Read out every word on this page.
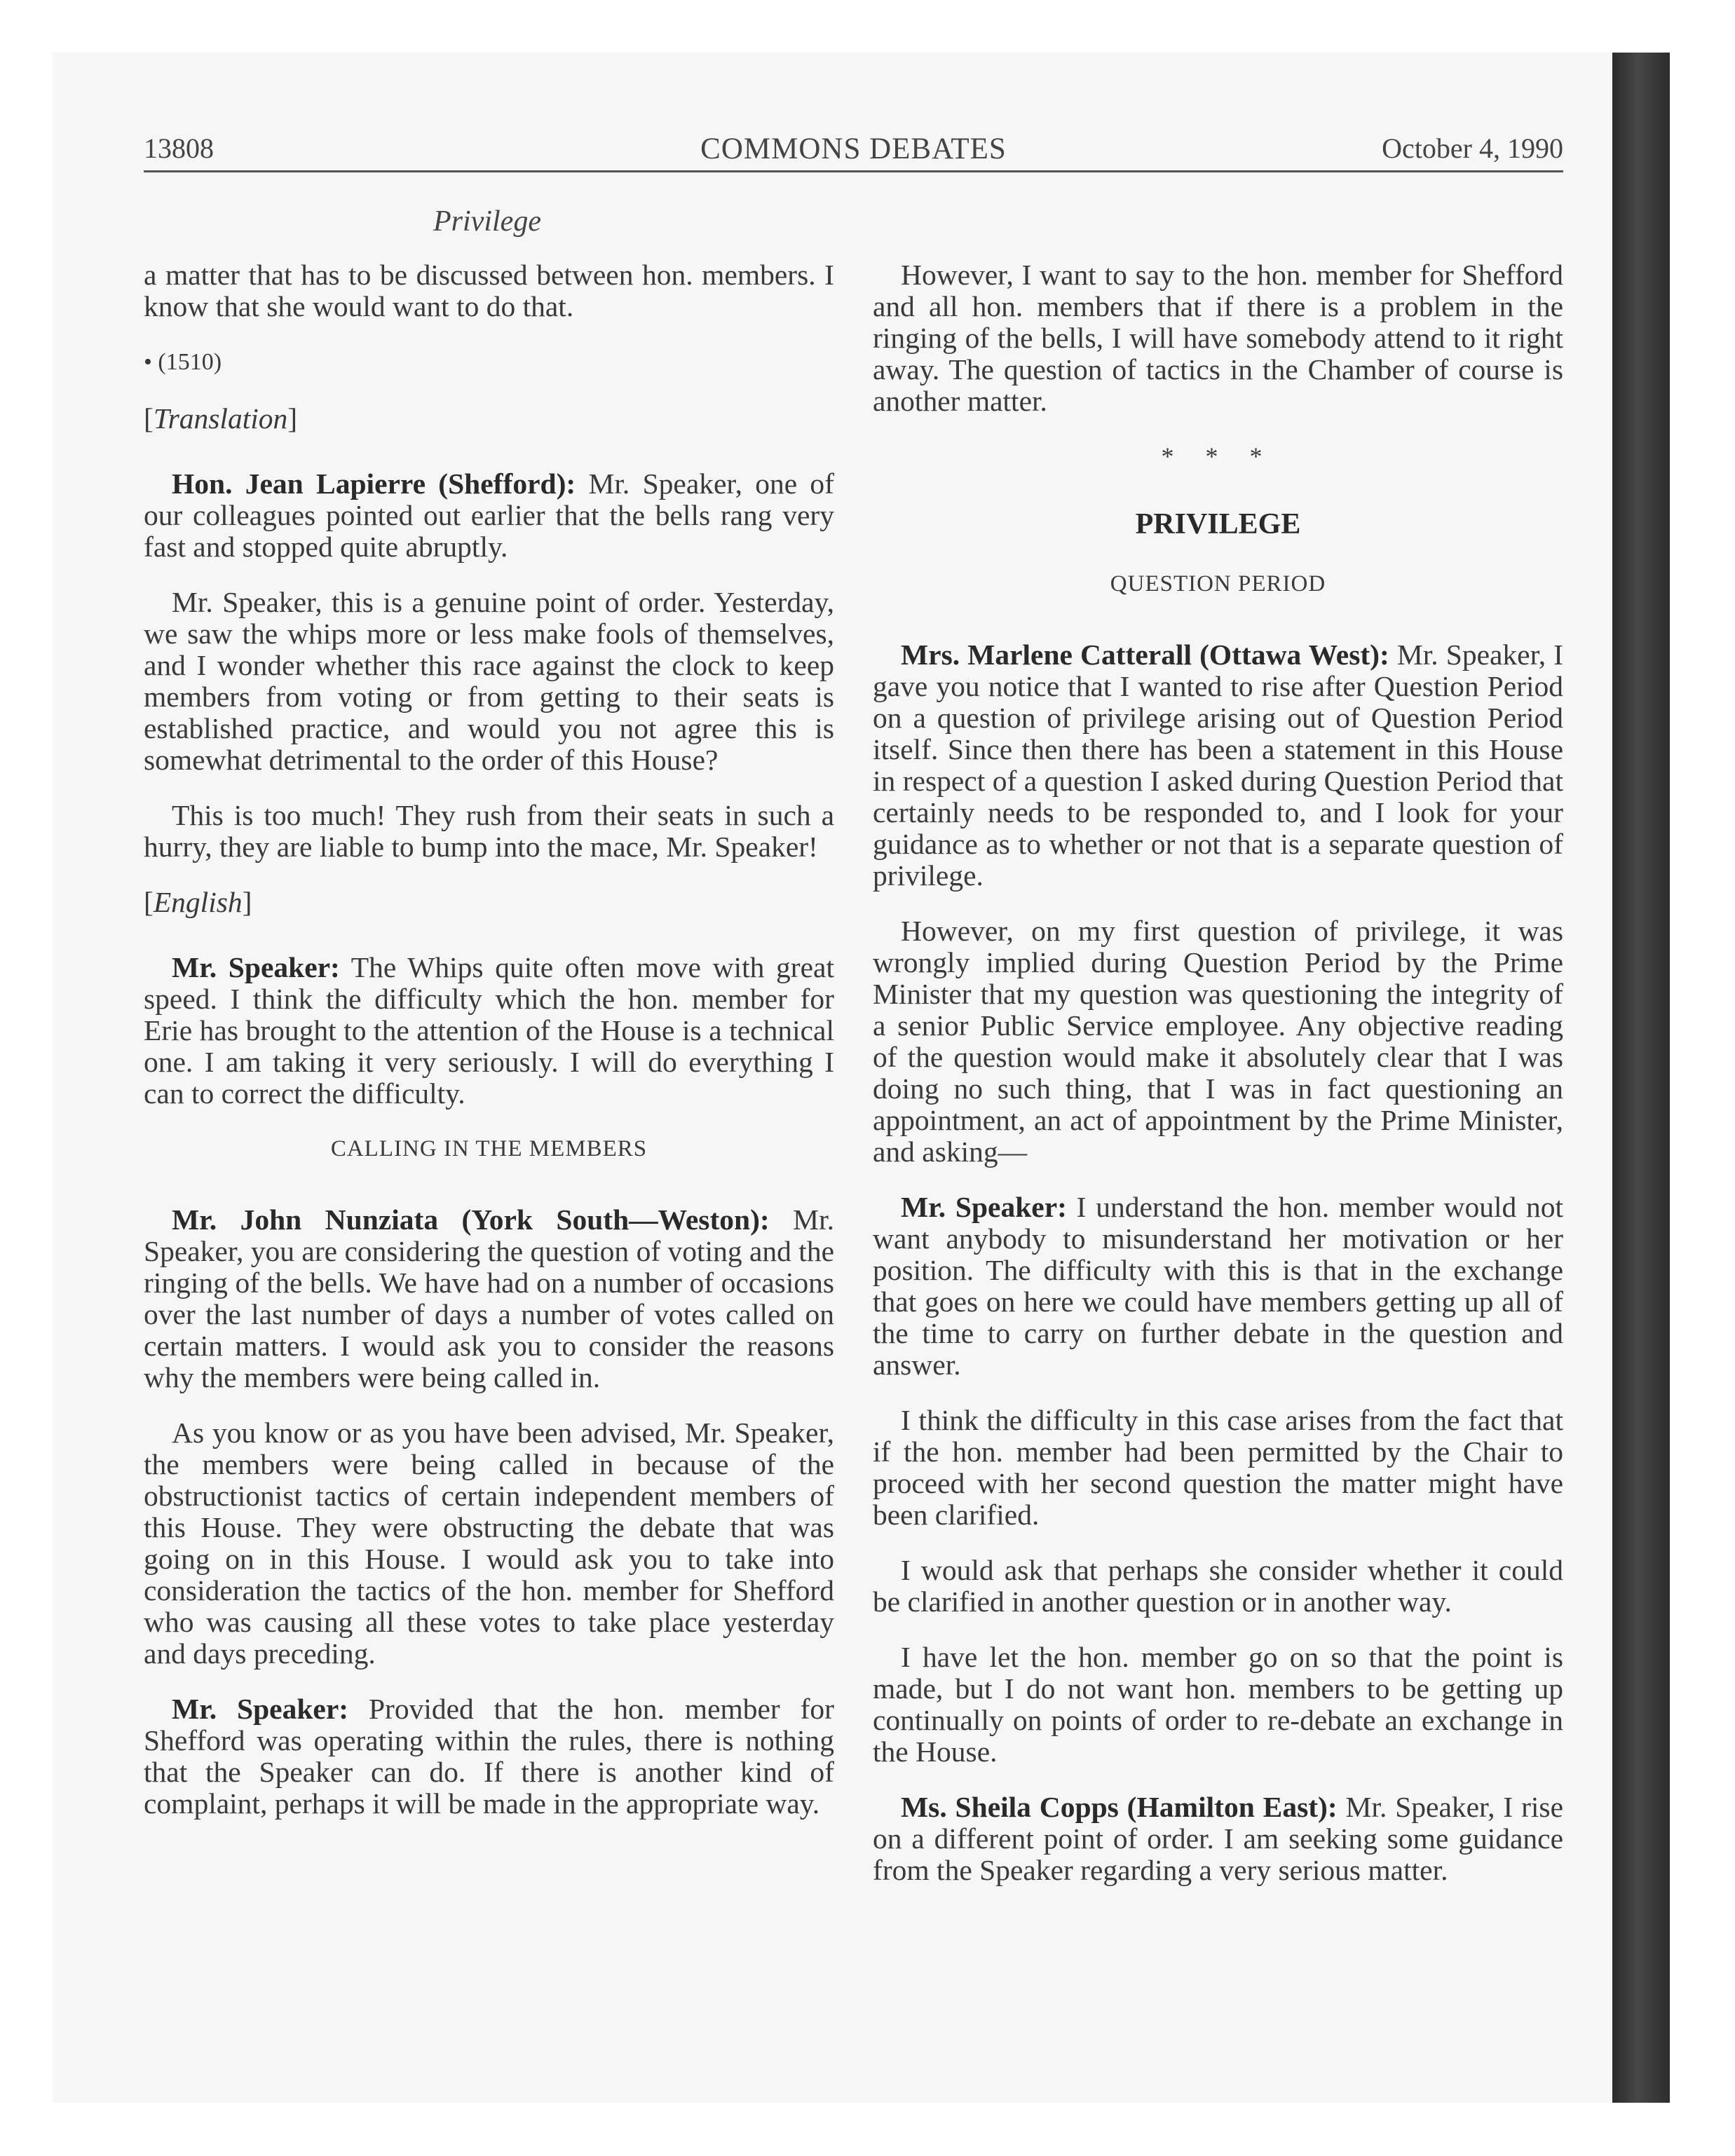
13808	COMMONS DEBATES	October 4, 1990
Privilege

a matter that has to be discussed between hon. members. I know that she would want to do that.

• (1510)
[Translation]

Hon. Jean Lapierre (Shefford): Mr. Speaker, one of our colleagues pointed out earlier that the bells rang very fast and stopped quite abruptly.

Mr. Speaker, this is a genuine point of order. Yesterday, we saw the whips more or less make fools of themselves, and I wonder whether this race against the clock to keep members from voting or from getting to their seats is established practice, and would you not agree this is somewhat detrimental to the order of this House?

This is too much! They rush from their seats in such a hurry, they are liable to bump into the mace, Mr. Speaker!

[English]

Mr. Speaker: The Whips quite often move with great speed. I think the difficulty which the hon. member for Erie has brought to the attention of the House is a technical one. I am taking it very seriously. I will do everything I can to correct the difficulty.

CALLING IN THE MEMBERS

Mr. John Nunziata (York South—Weston): Mr. Speaker, you are considering the question of voting and the ringing of the bells. We have had on a number of occasions over the last number of days a number of votes called on certain matters. I would ask you to consider the reasons why the members were being called in.

As you know or as you have been advised, Mr. Speaker, the members were being called in because of the obstructionist tactics of certain independent members of this House. They were obstructing the debate that was going on in this House. I would ask you to take into consideration the tactics of the hon. member for Shefford who was causing all these votes to take place yesterday and days preceding.

Mr. Speaker: Provided that the hon. member for Shefford was operating within the rules, there is nothing that the Speaker can do. If there is another kind of complaint, perhaps it will be made in the appropriate way.

However, I want to say to the hon. member for Shefford and all hon. members that if there is a problem in the ringing of the bells, I will have somebody attend to it right away. The question of tactics in the Chamber of course is another matter.

* * *
PRIVILEGE
QUESTION PERIOD

Mrs. Marlene Catterall (Ottawa West): Mr. Speaker, I gave you notice that I wanted to rise after Question Period on a question of privilege arising out of Question Period itself. Since then there has been a statement in this House in respect of a question I asked during Question Period that certainly needs to be responded to, and I look for your guidance as to whether or not that is a separate question of privilege.

However, on my first question of privilege, it was wrongly implied during Question Period by the Prime Minister that my question was questioning the integrity of a senior Public Service employee. Any objective reading of the question would make it absolutely clear that I was doing no such thing, that I was in fact questioning an appointment, an act of appointment by the Prime Minister, and asking—

Mr. Speaker: I understand the hon. member would not want anybody to misunderstand her motivation or her position. The difficulty with this is that in the exchange that goes on here we could have members getting up all of the time to carry on further debate in the question and answer.

I think the difficulty in this case arises from the fact that if the hon. member had been permitted by the Chair to proceed with her second question the matter might have been clarified.

I would ask that perhaps she consider whether it could be clarified in another question or in another way.

I have let the hon. member go on so that the point is made, but I do not want hon. members to be getting up continually on points of order to re-debate an exchange in the House.

Ms. Sheila Copps (Hamilton East): Mr. Speaker, I rise on a different point of order. I am seeking some guidance from the Speaker regarding a very serious matter.
